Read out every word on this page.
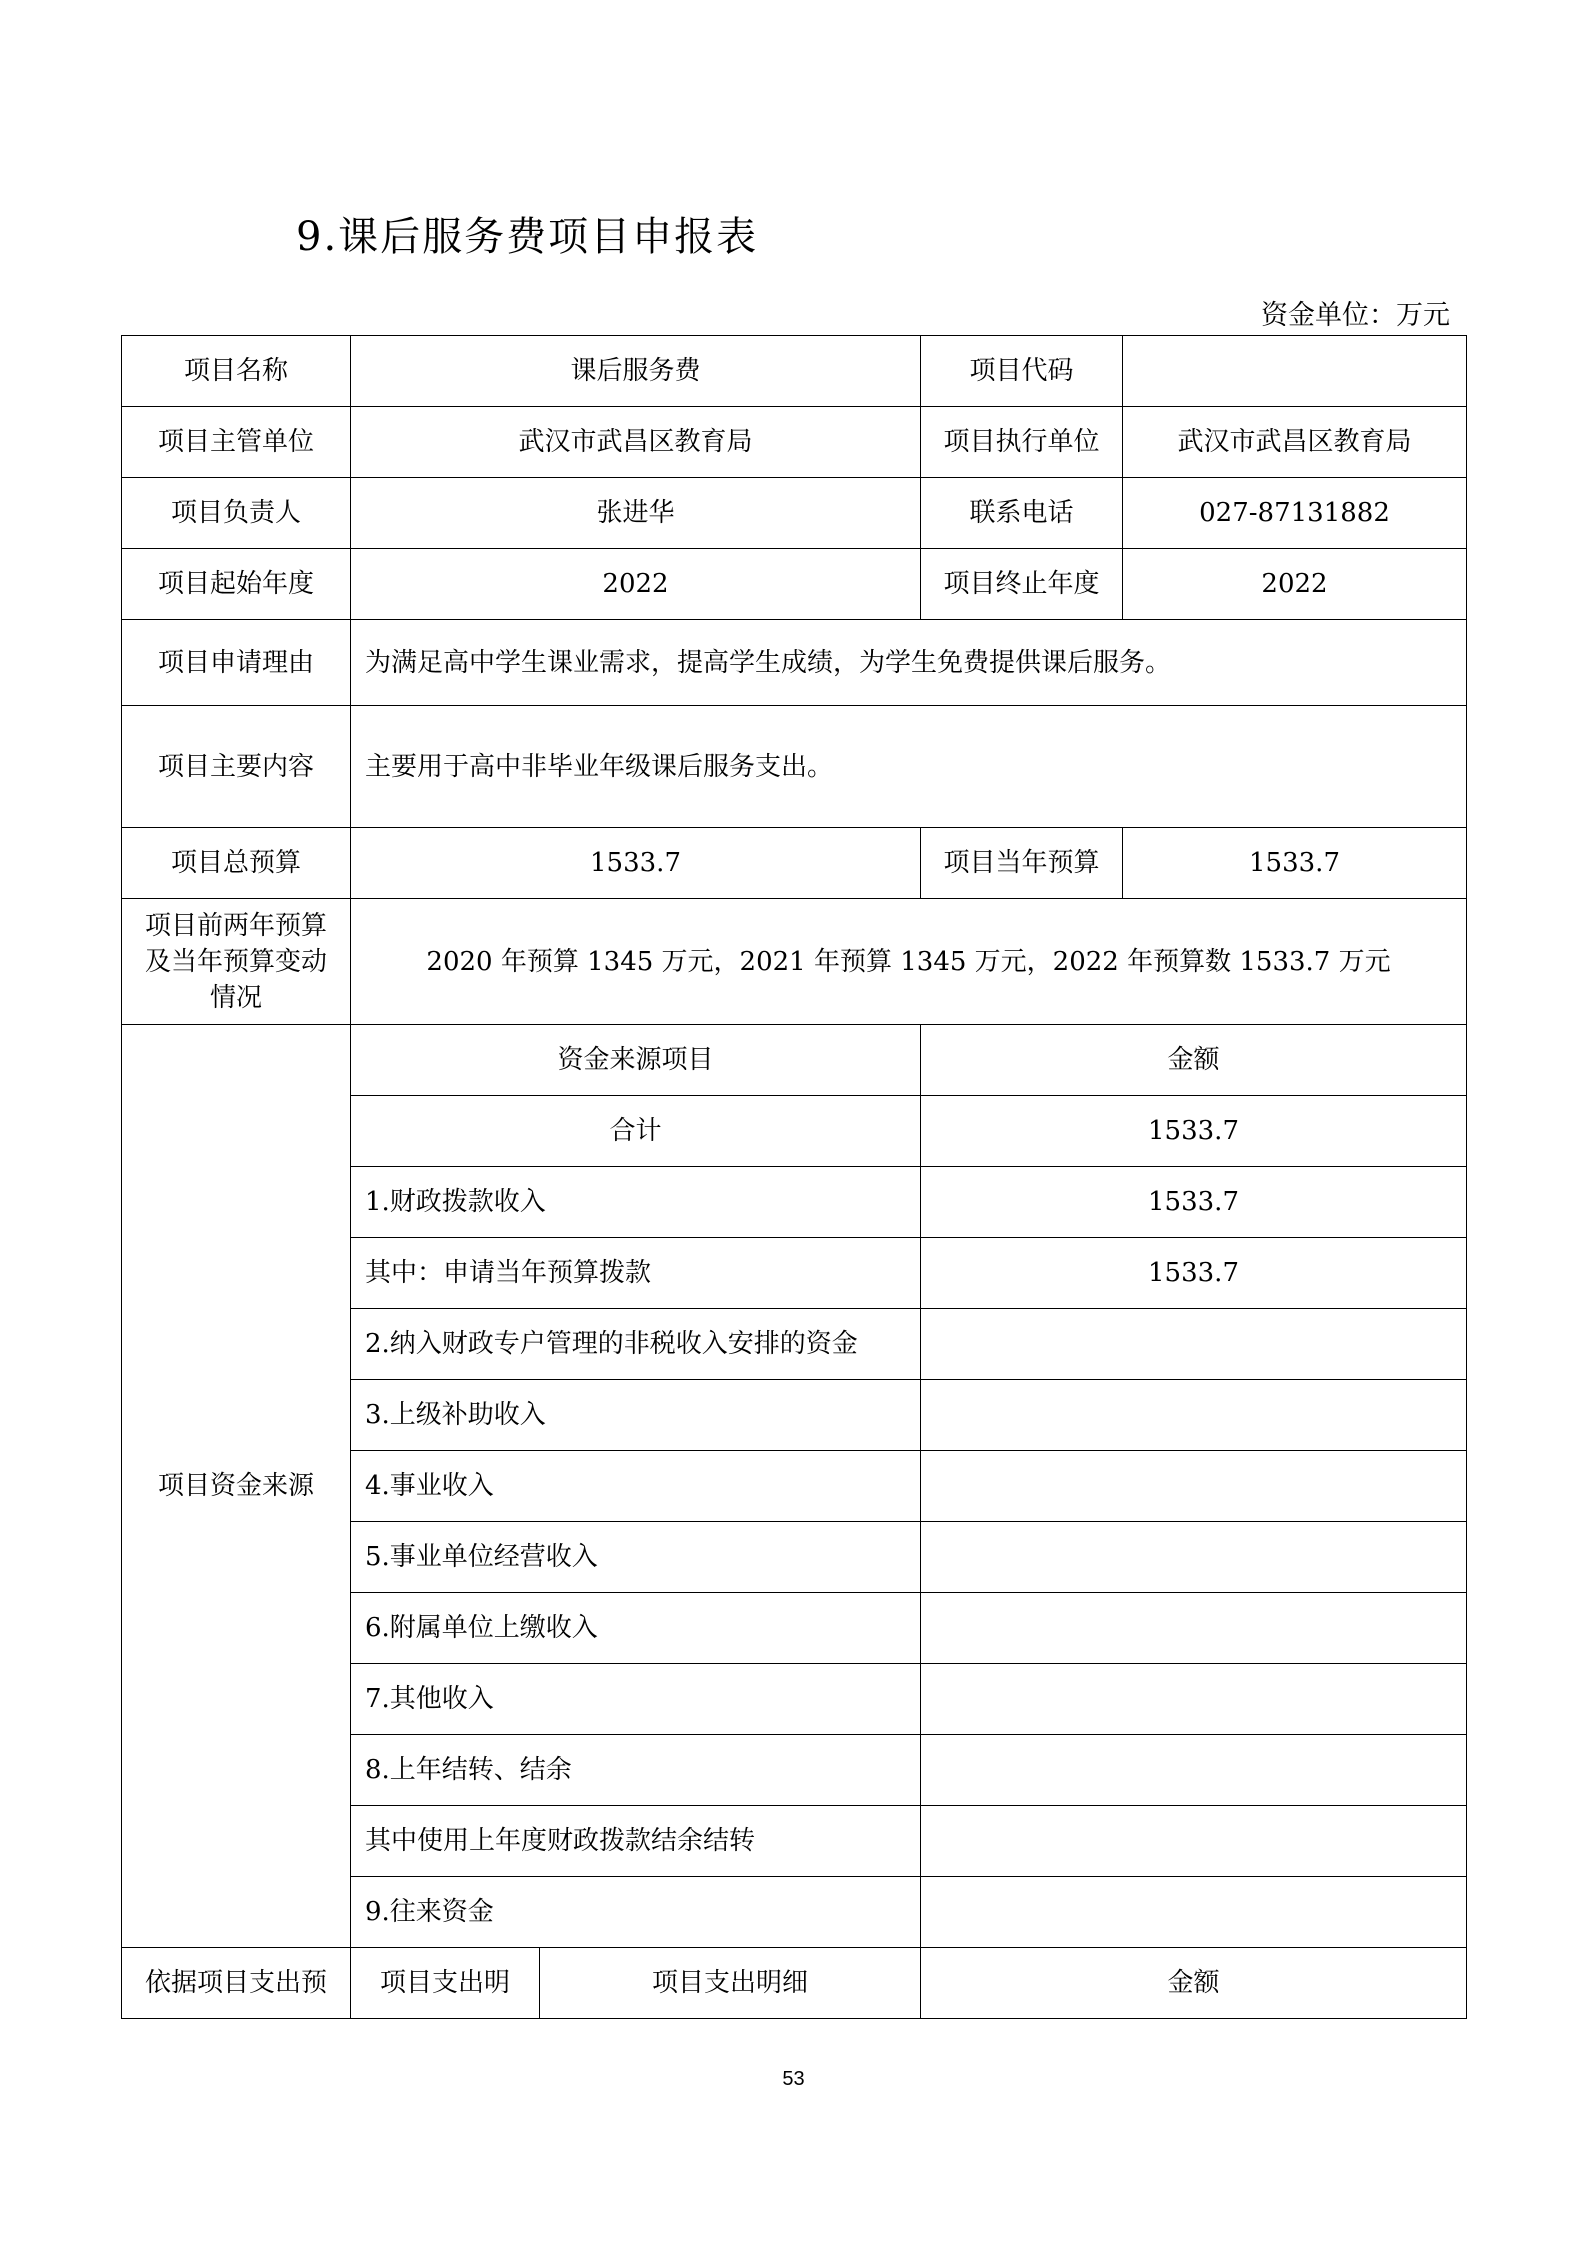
9.课后服务费项目申报表
资金单位：万元
项目名称	课后服务费		项目代码	
项目主管单位	武汉市武昌区教育局		项目执行单位	武汉市武昌区教育局
项目负责人	张进华		联系电话	027-87131882
项目起始年度	2022		项目终止年度	2022
项目申请理由	为满足高中学生课业需求，提高学生成绩，为学生免费提供课后服务。			
项目主要内容	主要用于高中非毕业年级课后服务支出。			
项目总预算	1533.7		项目当年预算	1533.7
项目前两年预算及当年预算变动情况	2020 年预算 1345 万元，2021 年预算 1345 万元，2022 年预算数 1533.7 万元			
项目资金来源	资金来源项目		金额	
	合计		1533.7	
	1.财政拨款收入		1533.7	
	其中：申请当年预算拨款		1533.7	
	2.纳入财政专户管理的非税收入安排的资金			
	3.上级补助收入			
	4.事业收入			
	5.事业单位经营收入			
	6.附属单位上缴收入			
	7.其他收入			
	8.上年结转、结余			
	其中使用上年度财政拨款结余结转			
	9.往来资金			
依据项目支出预	项目支出明	项目支出明细	金额	
53
